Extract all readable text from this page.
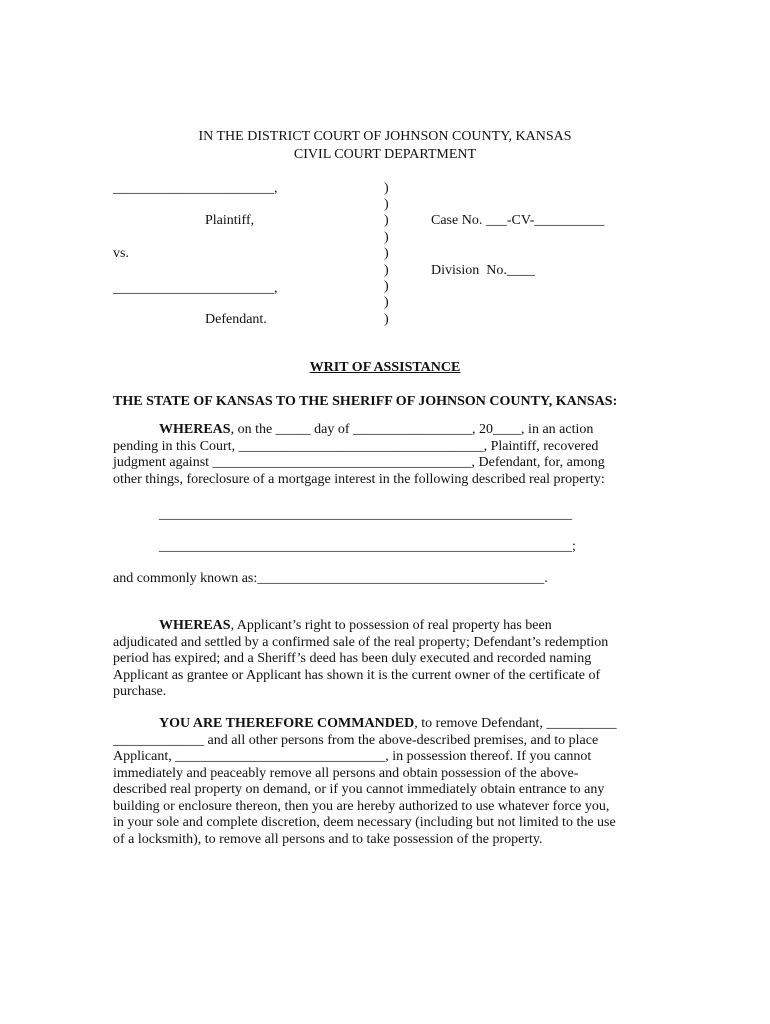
IN THE DISTRICT COURT OF JOHNSON COUNTY, KANSAS
CIVIL COURT DEPARTMENT
_______________________,
Plaintiff,
vs.
_______________________,
Defendant.
)
)
)
)
)
)
)
)
)
Case No. ___-CV-__________
Division  No.____
WRIT OF ASSISTANCE
THE STATE OF KANSAS TO THE SHERIFF OF JOHNSON COUNTY, KANSAS:

WHEREAS, on the _____ day of _________________, 20____, in an action

pending in this Court, ___________________________________, Plaintiff, recovered

judgment against _____________________________________, Defendant, for, among

other things, foreclosure of a mortgage interest in the following described real property:

___________________________________________________________
___________________________________________________________;
and commonly known as:_________________________________________.

WHEREAS, Applicant’s right to possession of real property has been

adjudicated and settled by a confirmed sale of the real property; Defendant’s redemption

period has expired; and a Sheriff’s deed has been duly executed and recorded naming

Applicant as grantee or Applicant has shown it is the current owner of the certificate of

purchase.

YOU ARE THEREFORE COMMANDED, to remove Defendant, __________

_____________ and all other persons from the above-described premises, and to place

Applicant, ______________________________, in possession thereof. If you cannot

immediately and peaceably remove all persons and obtain possession of the above-

described real property on demand, or if you cannot immediately obtain entrance to any

building or enclosure thereon, then you are hereby authorized to use whatever force you,

in your sole and complete discretion, deem necessary (including but not limited to the use

of a locksmith), to remove all persons and to take possession of the property.
